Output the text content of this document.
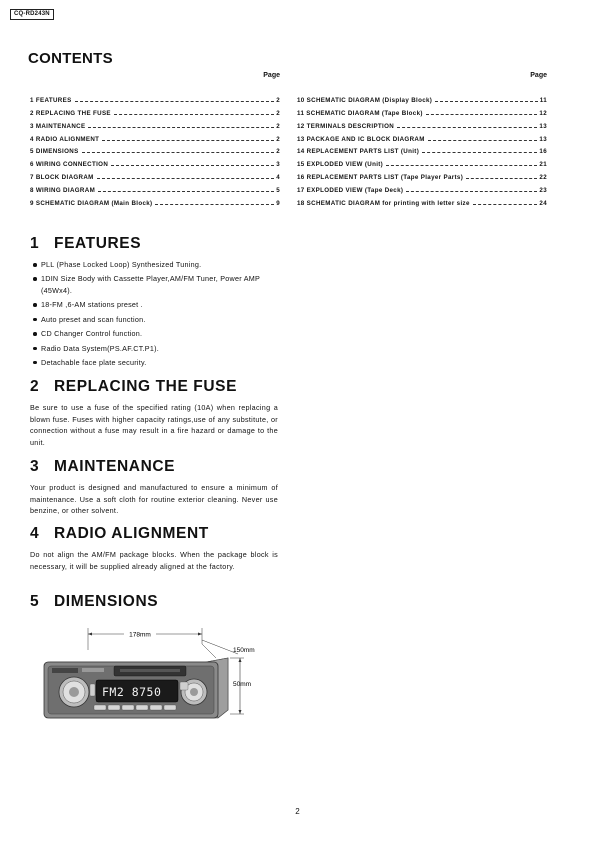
CQ-RD243N
CONTENTS
Page
1 FEATURES	2
2 REPLACING THE FUSE	2
3 MAINTENANCE	2
4 RADIO ALIGNMENT	2
5 DIMENSIONS	2
6 WIRING CONNECTION	3
7 BLOCK DIAGRAM	4
8 WIRING DIAGRAM	5
9 SCHEMATIC DIAGRAM (Main Block)	9
Page
10 SCHEMATIC DIAGRAM (Display Block)	11
11 SCHEMATIC DIAGRAM (Tape Block)	12
12 TERMINALS DESCRIPTION	13
13 PACKAGE AND IC BLOCK DIAGRAM	13
14 REPLACEMENT PARTS LIST (Unit)	16
15 EXPLODED VIEW (Unit)	21
16 REPLACEMENT PARTS LIST (Tape Player Parts)	22
17 EXPLODED VIEW (Tape Deck)	23
18 SCHEMATIC DIAGRAM for printing with letter size	24
1 FEATURES
PLL (Phase Locked Loop) Synthesized Tuning.
1DIN Size Body with Cassette Player,AM/FM Tuner, Power AMP (45Wx4).
18-FM ,6-AM stations preset .
Auto preset and scan function.
CD Changer Control function.
Radio Data System(PS.AF.CT.P1).
Detachable face plate security.
2 REPLACING THE FUSE

Be sure to use a fuse of the specified rating (10A) when replacing a blown fuse. Fuses with higher capacity ratings,use of any substitute, or connection without a fuse may result in a fire hazard or damage to the unit.

3 MAINTENANCE

Your product is designed and manufactured to ensure a minimum of maintenance. Use a soft cloth for routine exterior cleaning. Never use benzine, or other solvent.

4 RADIO ALIGNMENT

Do not align the AM/FM package blocks. When the package block is necessary, it will be supplied already aligned at the factory.

5 DIMENSIONS
178mm
150mm
50mm
FM2 8750
2
